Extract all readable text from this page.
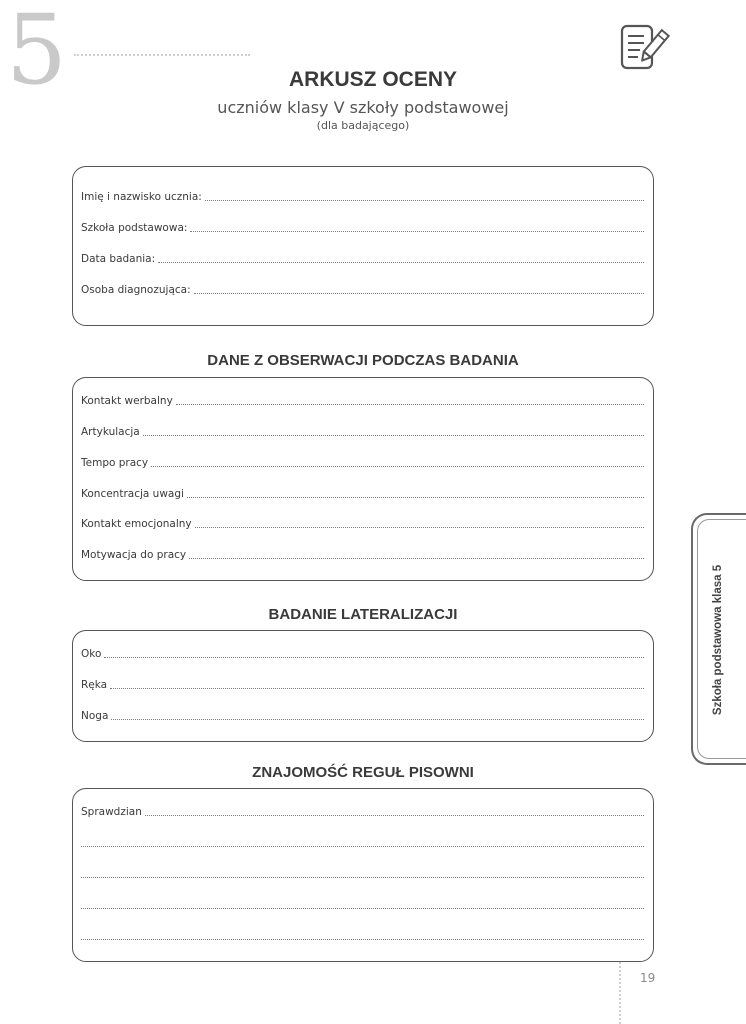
5	ARKUSZ OCENY
uczniów klasy V szkoły podstawowej
(dla badającego)
Imię i nazwisko ucznia:
Szkoła podstawowa:
Data badania:
Osoba diagnozująca:
DANE Z OBSERWACJI PODCZAS BADANIA
Kontakt werbalny
Artykulacja
Tempo pracy
Koncentracja uwagi
Kontakt emocjonalny
Motywacja do pracy
BADANIE LATERALIZACJI
Oko
Ręka
Noga
ZNAJOMOŚĆ REGUŁ PISOWNI
Sprawdzian
Szkoła podstawowa klasa 5
19
